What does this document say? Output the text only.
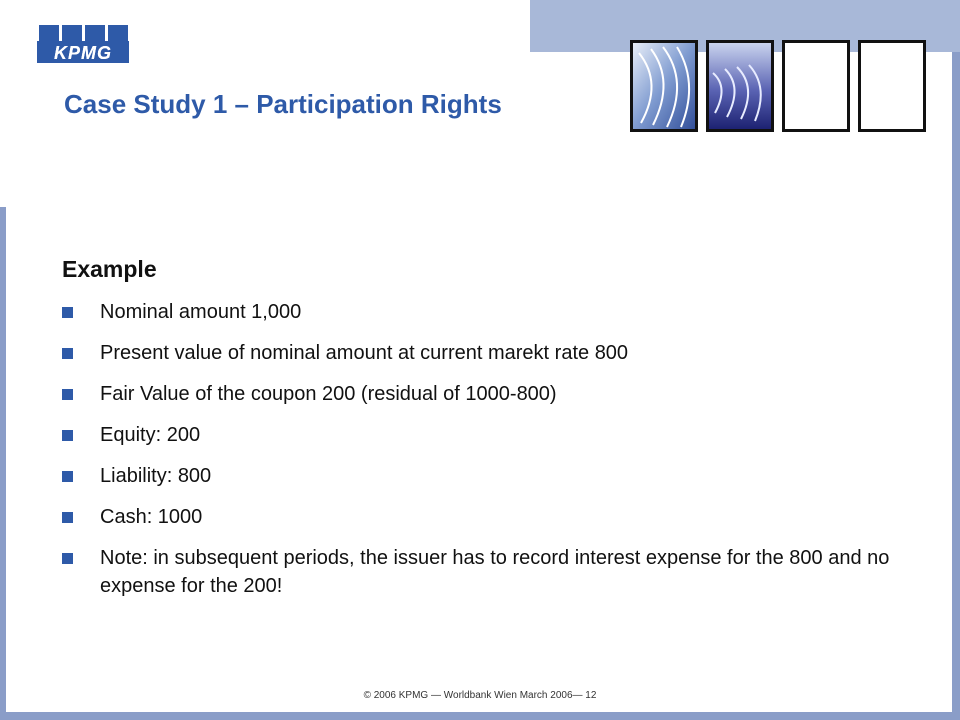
KPMG
Case Study 1 – Participation Rights
Example
Nominal amount 1,000
Present value of nominal amount at current marekt rate 800
Fair Value of the coupon 200 (residual of 1000-800)
Equity: 200
Liability: 800
Cash: 1000
Note: in subsequent periods, the issuer has to record interest expense for the 800 and no expense for the 200!
© 2006 KPMG — Worldbank Wien March 2006— 12
